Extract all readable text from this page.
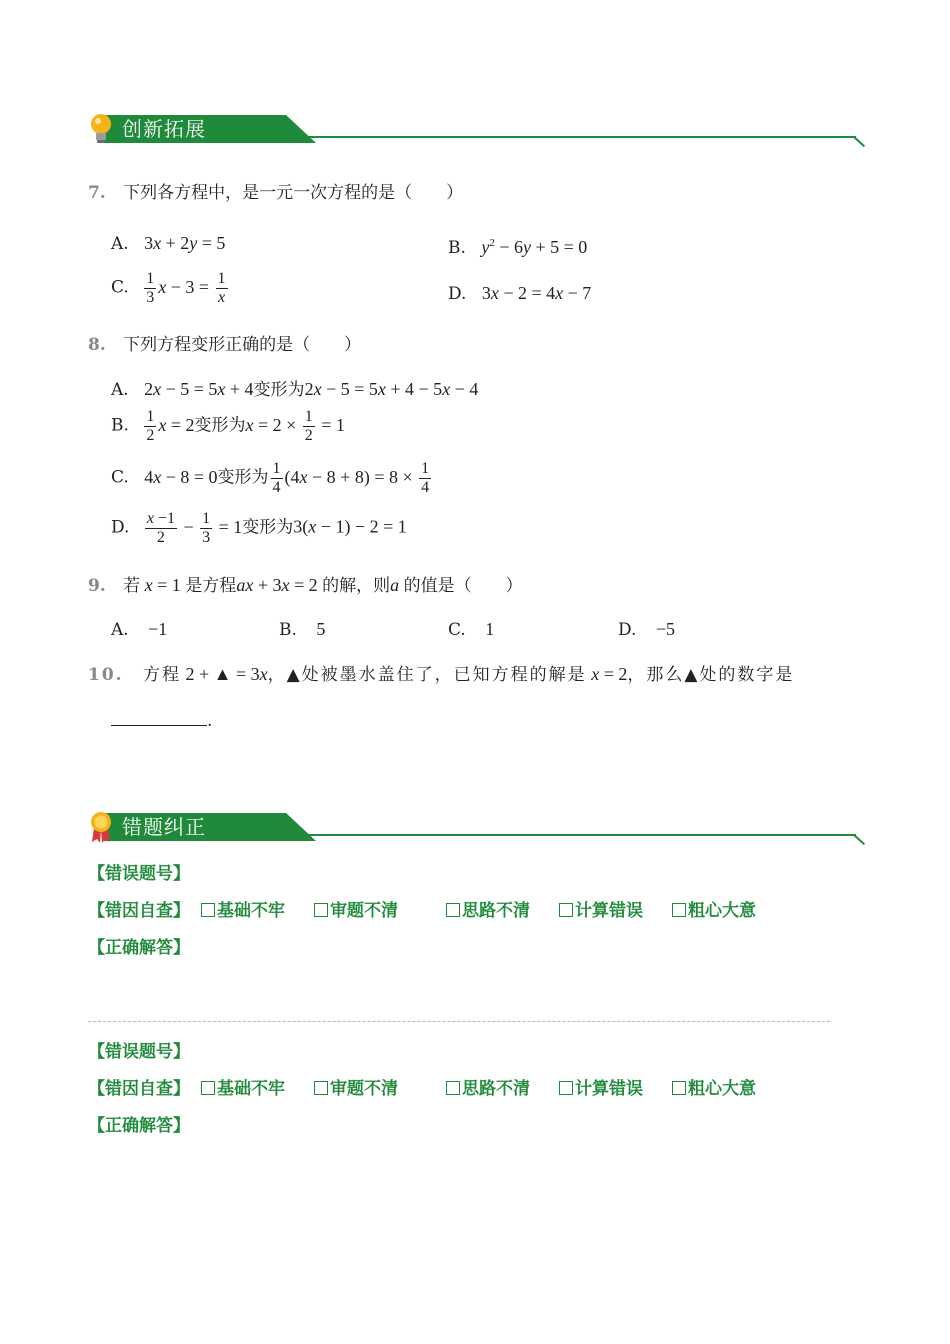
创新拓展
7. 下列各方程中，是一元一次方程的是（　　）
A. 3x + 2y = 5	B. $y^2 - 6y + 5 = 0$
C. $\frac{1}{3}$ $x - 3 = \frac{1}{x}$	D. 3x − 2 = 4x − 7
8. 下列方程变形正确的是（　　）
A. 2x − 5 = 5x + 4变形为2x − 5 = 5x + 4 − 5x − 4
B. $\frac{1}{2}$ x = 2变形为$x = 2 \times \frac{1}{2} = 1$
C. 4x − 8 = 0变形为 $\frac{1}{4} (4x - 8 + 8) = 8 \times \frac{1}{4}$
D. $\frac{x -1}{2} - \frac{1}{3} = 1$变形为3(x − 1) − 2 = 1
9. 若 x = 1 是方程ax + 3x = 2 的解，则a 的值是（　　）
A. −1	B. 5	C. 1	D. −5
10. 方程 2 + ▲ = 3x，▲处被墨水盖住了，已知方程的解是 x = 2，那么▲处的数字是
.
错题纠正
【错误题号】
【错因自查】	基础不牢	审题不清	思路不清	计算错误	粗心大意
【正确解答】
【错误题号】
【错因自查】	基础不牢	审题不清	思路不清	计算错误	粗心大意
【正确解答】
